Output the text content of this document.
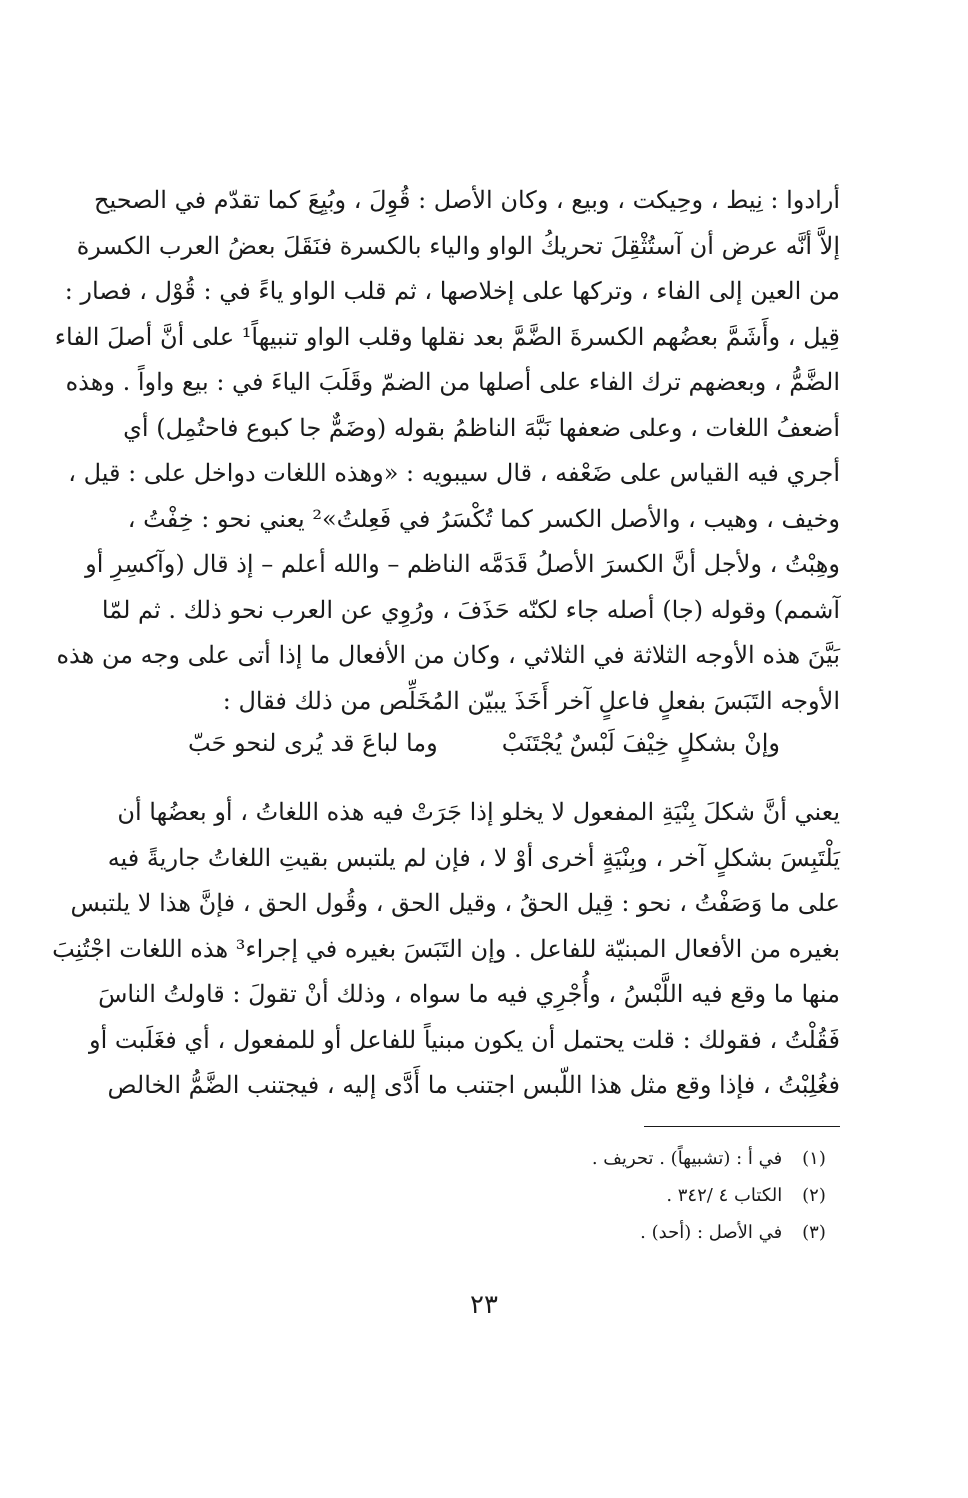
أرادوا : نِيط ، وحِيكت ، وبيع ، وكان الأصل : قُوِلَ ، وبُيِعَ كما تقدّم في الصحيح
إلاَّ أنَّه عرض أن آستُثْقِلَ تحريكُ الواو والياء بالكسرة فنَقَلَ بعضُ العرب الكسرة
من العين إلى الفاء ، وتركها على إخلاصها ، ثم قلب الواو ياءً في : قُوْل ، فصار :
قِيل ، وأَشَمَّ بعضُهم الكسرةَ الضَّمَّ بعد نقلها وقلب الواو تنبيهاً¹ على أنَّ أصلَ الفاء
الضَّمُّ ، وبعضهم ترك الفاء على أصلها من الضمّ وقَلَبَ الياءَ في : بيع واواً . وهذه
أضعفُ اللغات ، وعلى ضعفها نَبَّهَ الناظمُ بقوله (وضَمٌّ جا كبوع فاحتُمِل) أي
أجري فيه القياس على ضَعْفه ، قال سيبويه : «وهذه اللغات دواخل على : قيل ،
وخيف ، وهيب ، والأصل الكسر كما تُكْسَرُ في فَعِلتُ»² يعني نحو : خِفْتُ ،
وهِبْتُ ، ولأجل أنَّ الكسرَ الأصلُ قَدَمَّه الناظم – والله أعلم – إذ قال (وآكسِرِ أو
آشمم) وقوله (جا) أصله جاء لكنّه حَذَفَ ، ورُوِي عن العرب نحو ذلك . ثم لمّا
بَيَّنَ هذه الأوجه الثلاثة في الثلاثي ، وكان من الأفعال ما إذا أتى على وجه من هذه
الأوجه التَبَسَ بفعلٍ فاعلٍ آخر أَخَذَ يبيّن المُخَلِّص من ذلك فقال :
وإنْ بشكلٍ خِيْفَ لَبْسٌ يُجْتَنَبْ
وما لباعَ قد يُرى لنحو حَبّ
يعني أنَّ شكلَ بِنْيَةِ المفعول لا يخلو إذا جَرَتْ فيه هذه اللغاتُ ، أو بعضُها أن
يَلْتَبِسَ بشكلٍ آخر ، وبِنْيَةٍ أخرى أوْ لا ، فإن لم يلتبس بقيتِ اللغاتُ جاريةً فيه
على ما وَصَفْتُ ، نحو : قِيل الحقُ ، وقيل الحق ، وقُول الحق ، فإنَّ هذا لا يلتبس
بغيره من الأفعال المبنيّة للفاعل . وإن التَبَسَ بغيره في إجراء³ هذه اللغات اجْتُنِبَ
منها ما وقع فيه اللَّبْسُ ، وأُجْرِي فيه ما سواه ، وذلك أنْ تقولَ : قاولتُ الناسَ
فَقُلْتُ ، فقولك : قلت يحتمل أن يكون مبنياً للفاعل أو للمفعول ، أي فغَلَبت أو
فغُلِبْتُ ، فإذا وقع مثل هذا اللّبس اجتنب ما أَدَّى إليه ، فيجتنب الضَّمُّ الخالص
(١) في أ : (تشبيهاً) . تحريف .
(٢) الكتاب ٤ /٣٤٢ .
(٣) في الأصل : (أحد) .
٢٣
